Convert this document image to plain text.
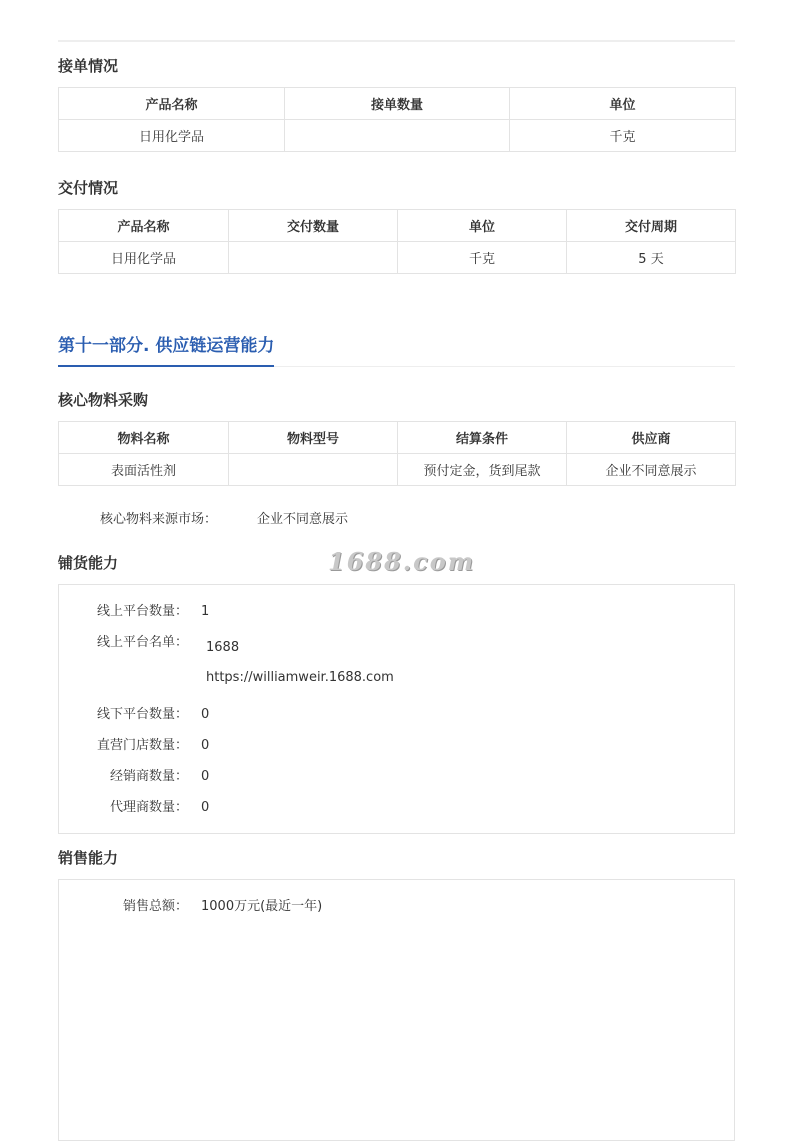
接单情况
产品名称	接单数量	单位
日用化学品		千克
交付情况
产品名称	交付数量	单位	交付周期
日用化学品		千克	5 天
第十一部分. 供应链运营能力
核心物料采购
物料名称	物料型号	结算条件	供应商
表面活性剂		预付定金，货到尾款	企业不同意展示
核心物料来源市场：	企业不同意展示
铺货能力	1688.com
线上平台数量： 1
线上平台名单： 1688
https://williamweir.1688.com
线下平台数量： 0
直营门店数量： 0
经销商数量： 0
代理商数量： 0
销售能力
销售总额： 1000万元(最近一年)
